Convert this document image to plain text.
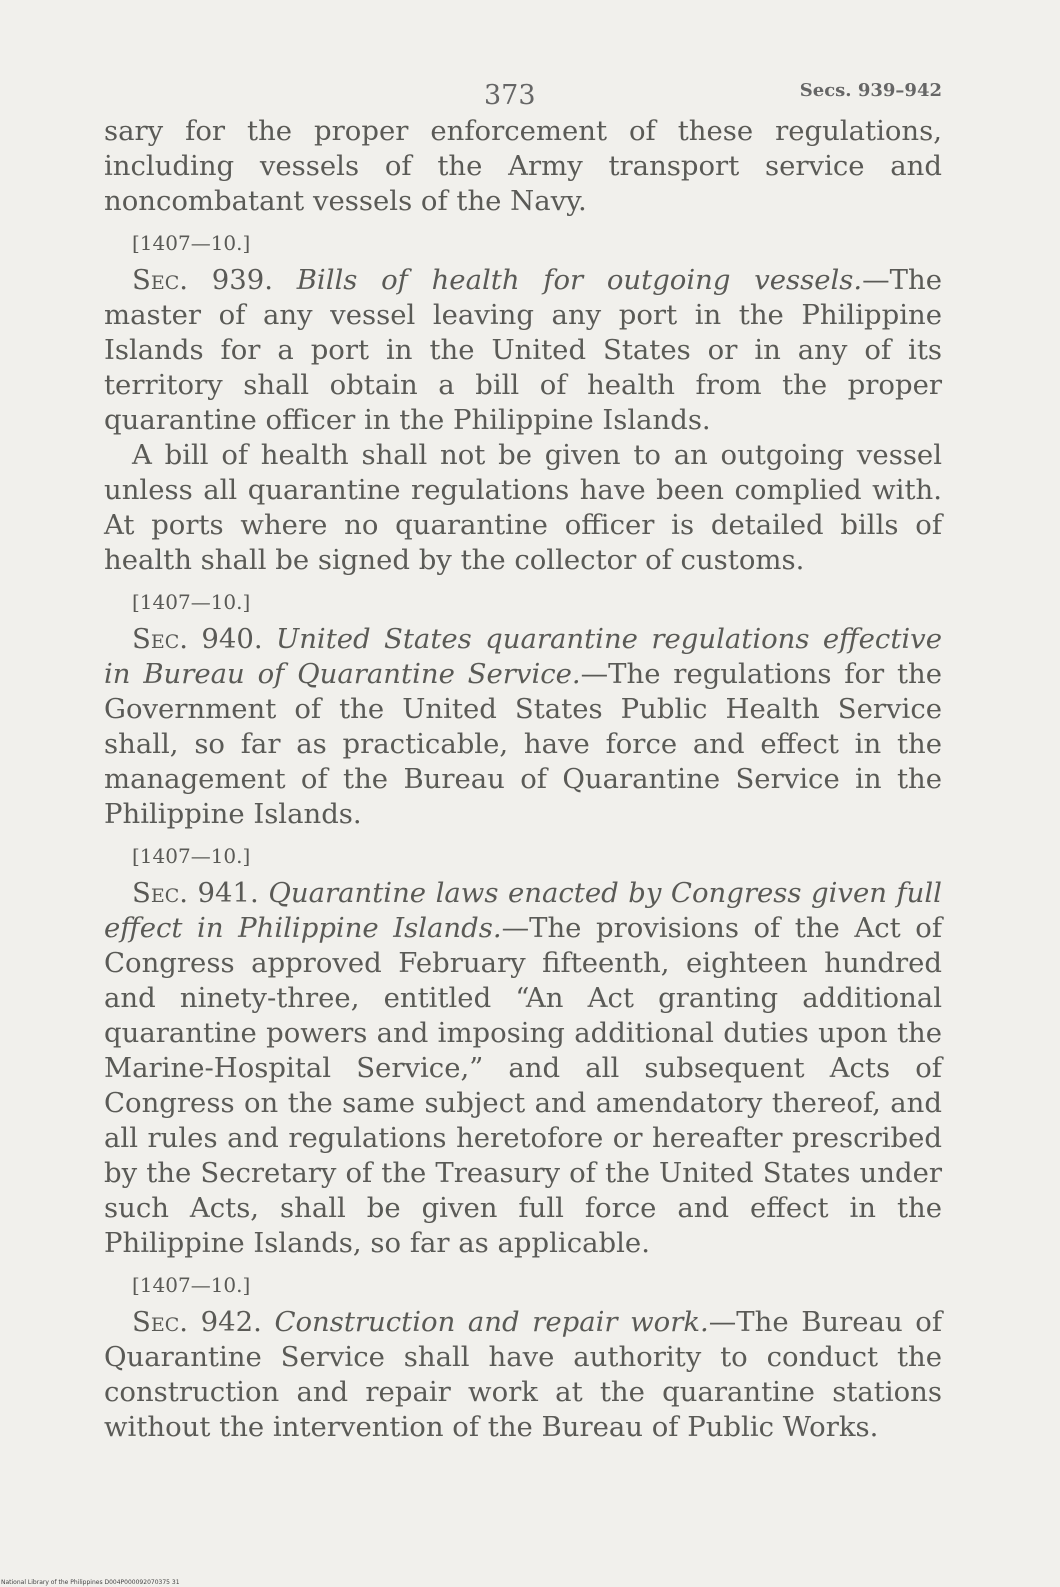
373	Secs. 939–942

sary for the proper enforcement of these regulations, including vessels of the Army transport service and noncombatant vessels of the Navy.

[1407—10.]

Sec. 939. Bills of health for outgoing vessels.—The master of any vessel leaving any port in the Philippine Islands for a port in the United States or in any of its territory shall obtain a bill of health from the proper quarantine officer in the Philippine Islands.

A bill of health shall not be given to an outgoing vessel unless all quarantine regulations have been complied with. At ports where no quarantine officer is detailed bills of health shall be signed by the collector of customs.

[1407—10.]

Sec. 940. United States quarantine regulations effective in Bureau of Quarantine Service.—The regulations for the Government of the United States Public Health Service shall, so far as practicable, have force and effect in the management of the Bureau of Quarantine Service in the Philippine Islands.

[1407—10.]

Sec. 941. Quarantine laws enacted by Congress given full effect in Philippine Islands.—The provisions of the Act of Congress approved February fifteenth, eighteen hundred and ninety-three, entitled “An Act granting additional quarantine powers and imposing additional duties upon the Marine-Hospital Service,” and all subsequent Acts of Congress on the same subject and amendatory thereof, and all rules and regulations heretofore or hereafter prescribed by the Secretary of the Treasury of the United States under such Acts, shall be given full force and effect in the Philippine Islands, so far as applicable.

[1407—10.]

Sec. 942. Construction and repair work.—The Bureau of Quarantine Service shall have authority to conduct the construction and repair work at the quarantine stations without the intervention of the Bureau of Public Works.

National Library of the Philippines D004P000092070375 31
